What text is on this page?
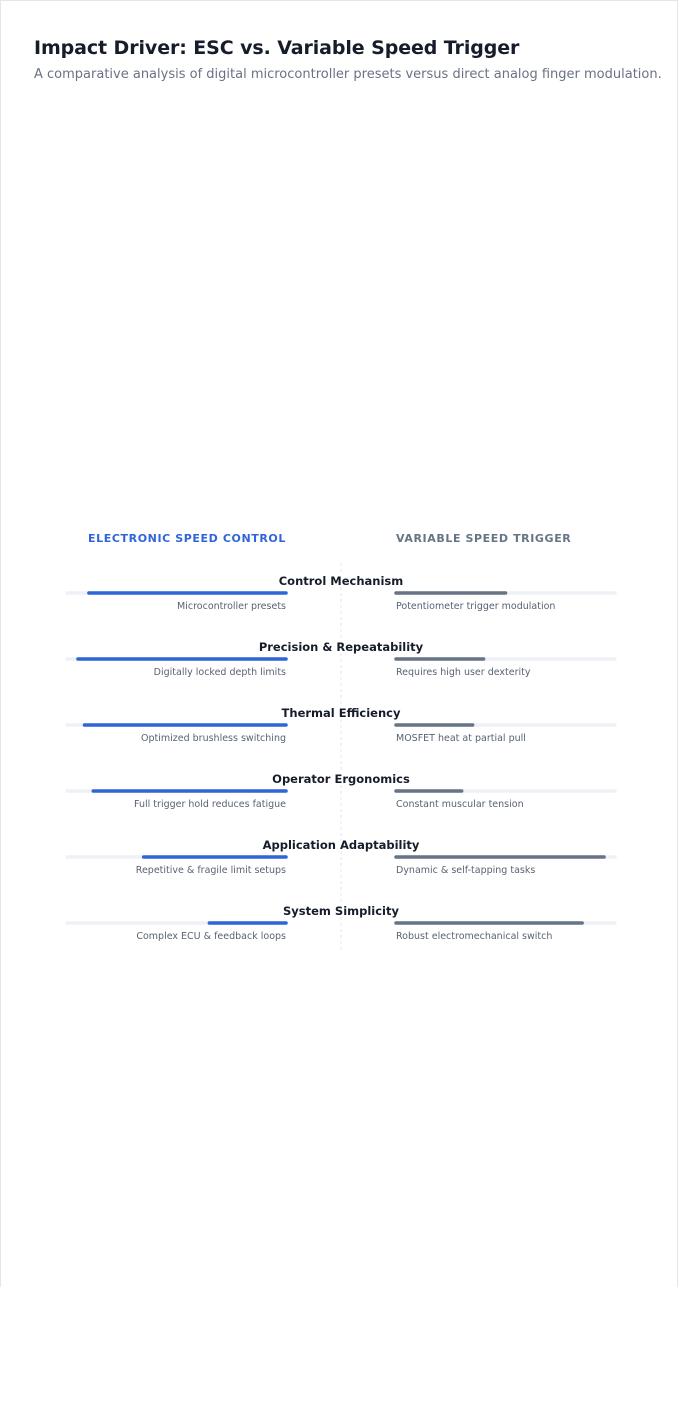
Impact Driver: ESC vs. Variable Speed Trigger

A comparative analysis of digital microcontroller presets versus direct analog finger modulation.

ELECTRONIC SPEED CONTROL	VARIABLE SPEED TRIGGER
Control Mechanism
Microcontroller presets	Potentiometer trigger modulation
Precision & Repeatability
Digitally locked depth limits	Requires high user dexterity
Thermal Efficiency
Optimized brushless switching	MOSFET heat at partial pull
Operator Ergonomics
Full trigger hold reduces fatigue	Constant muscular tension
Application Adaptability
Repetitive & fragile limit setups	Dynamic & self-tapping tasks
System Simplicity
Complex ECU & feedback loops	Robust electromechanical switch
